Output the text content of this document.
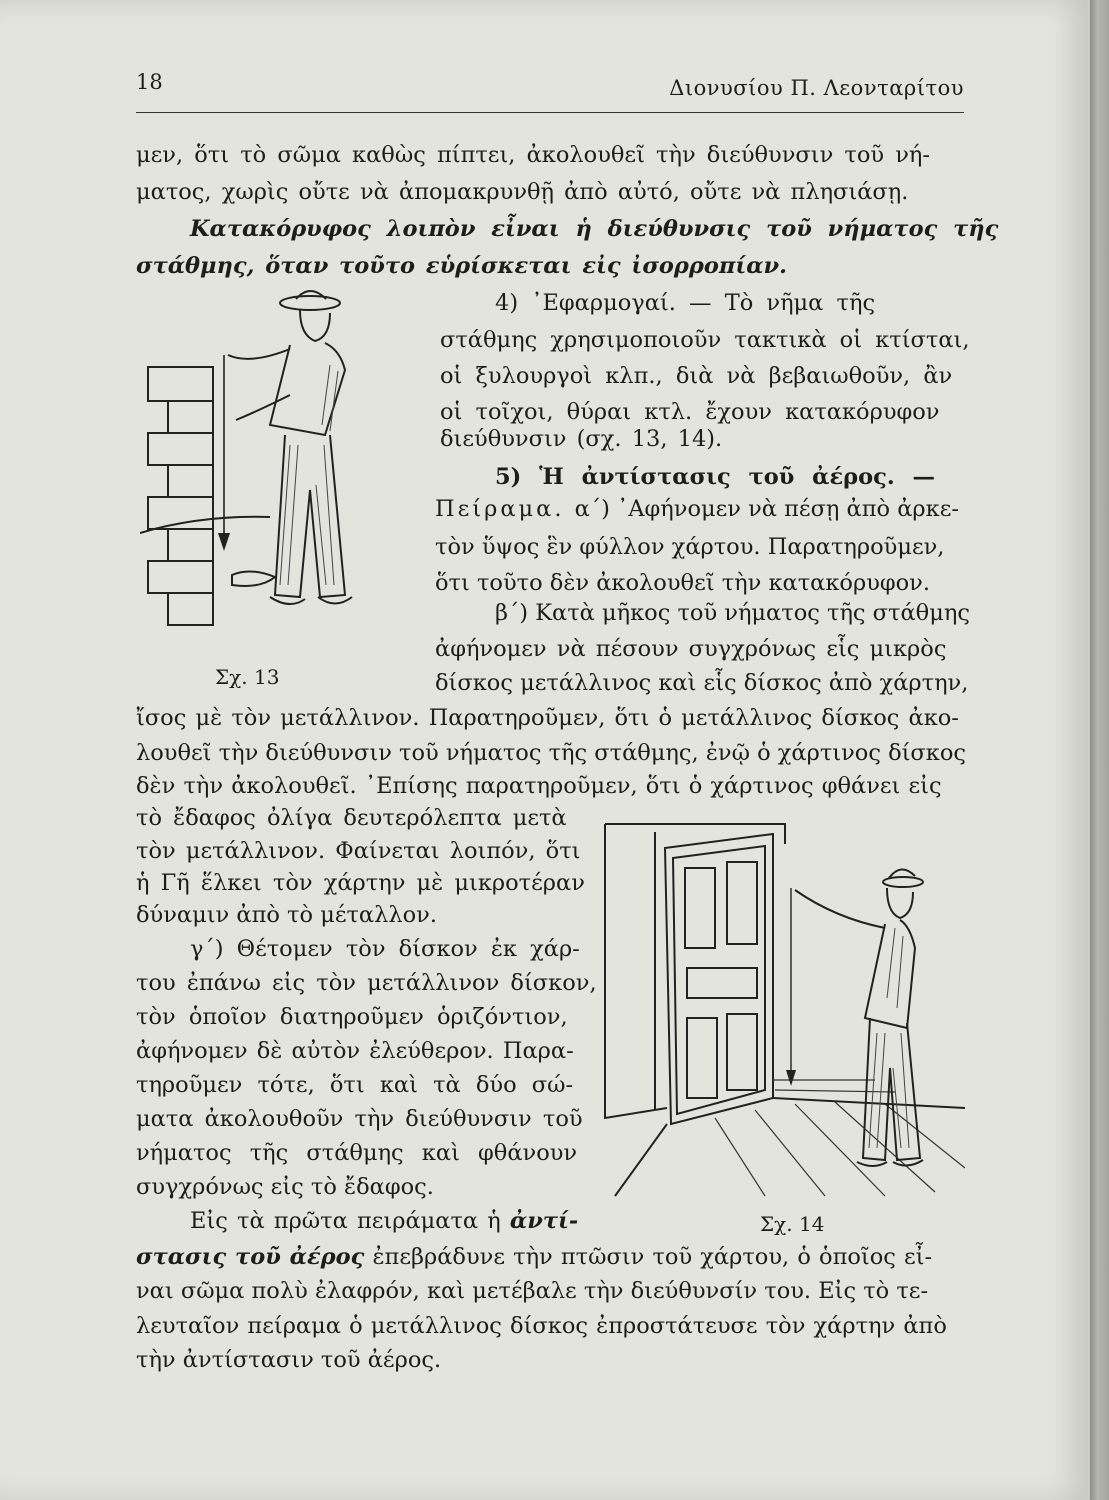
18	Διονυσίου Π. Λεονταρίτου
μεν, ὅτι τὸ σῶμα καθὼς πίπτει, ἀκολουθεῖ τὴν διεύθυνσιν τοῦ νή-
ματος, χωρὶς οὔτε νὰ ἀπομακρυνθῇ ἀπὸ αὐτό, οὔτε νὰ πλησιάσῃ.
Κατακόρυφος λοιπὸν εἶναι ἡ διεύθυνσις τοῦ νήματος τῆς
στάθμης, ὅταν τοῦτο εὑρίσκεται εἰς ἰσορροπίαν.
Σχ. 13
4) ᾽Εφαρμογαί. — Τὸ νῆμα τῆς
στάθμης χρησιμοποιοῦν τακτικὰ οἱ κτίσται,
οἱ ξυλουργοὶ κλπ., διὰ νὰ βεβαιωθοῦν, ἂν
οἱ τοῖχοι, θύραι κτλ. ἔχουν κατακόρυφον
διεύθυνσιν (σχ. 13, 14).
5) Ἡ ἀντίστασις τοῦ ἀέρος. —
Πείραμα. α΄) ᾽Αφήνομεν νὰ πέσῃ ἀπὸ ἀρκε-
τὸν ὕψος ἓν φύλλον χάρτου. Παρατηροῦμεν,
ὅτι τοῦτο δὲν ἀκολουθεῖ τὴν κατακόρυφον.
β΄) Κατὰ μῆκος τοῦ νήματος τῆς στάθμης
ἀφήνομεν νὰ πέσουν συγχρόνως εἷς μικρὸς
δίσκος μετάλλινος καὶ εἷς δίσκος ἀπὸ χάρτην,
ἴσος μὲ τὸν μετάλλινον. Παρατηροῦμεν, ὅτι ὁ μετάλλινος δίσκος ἀκο-
λουθεῖ τὴν διεύθυνσιν τοῦ νήματος τῆς στάθμης, ἐνῷ ὁ χάρτινος δίσκος
δὲν τὴν ἀκολουθεῖ. ᾽Επίσης παρατηροῦμεν, ὅτι ὁ χάρτινος φθάνει εἰς
τὸ ἔδαφος ὀλίγα δευτερόλεπτα μετὰ
τὸν μετάλλινον. Φαίνεται λοιπόν, ὅτι
ἡ Γῆ ἕλκει τὸν χάρτην μὲ μικροτέραν
δύναμιν ἀπὸ τὸ μέταλλον.
γ΄) Θέτομεν τὸν δίσκον ἐκ χάρ-
του ἐπάνω εἰς τὸν μετάλλινον δίσκον,
τὸν ὁποῖον διατηροῦμεν ὁριζόντιον,
ἀφήνομεν δὲ αὐτὸν ἐλεύθερον. Παρα-
τηροῦμεν τότε, ὅτι καὶ τὰ δύο σώ-
ματα ἀκολουθοῦν τὴν διεύθυνσιν τοῦ
νήματος τῆς στάθμης καὶ φθάνουν
συγχρόνως εἰς τὸ ἔδαφος.
Εἰς τὰ πρῶτα πειράματα ἡ ἀντί-	Σχ. 14
στασις τοῦ ἀέρος ἐπεβράδυνε τὴν πτῶσιν τοῦ χάρτου, ὁ ὁποῖος εἶ-
ναι σῶμα πολὺ ἐλαφρόν, καὶ μετέβαλε τὴν διεύθυνσίν του. Εἰς τὸ τε-
λευταῖον πείραμα ὁ μετάλλινος δίσκος ἐπροστάτευσε τὸν χάρτην ἀπὸ
τὴν ἀντίστασιν τοῦ ἀέρος.
